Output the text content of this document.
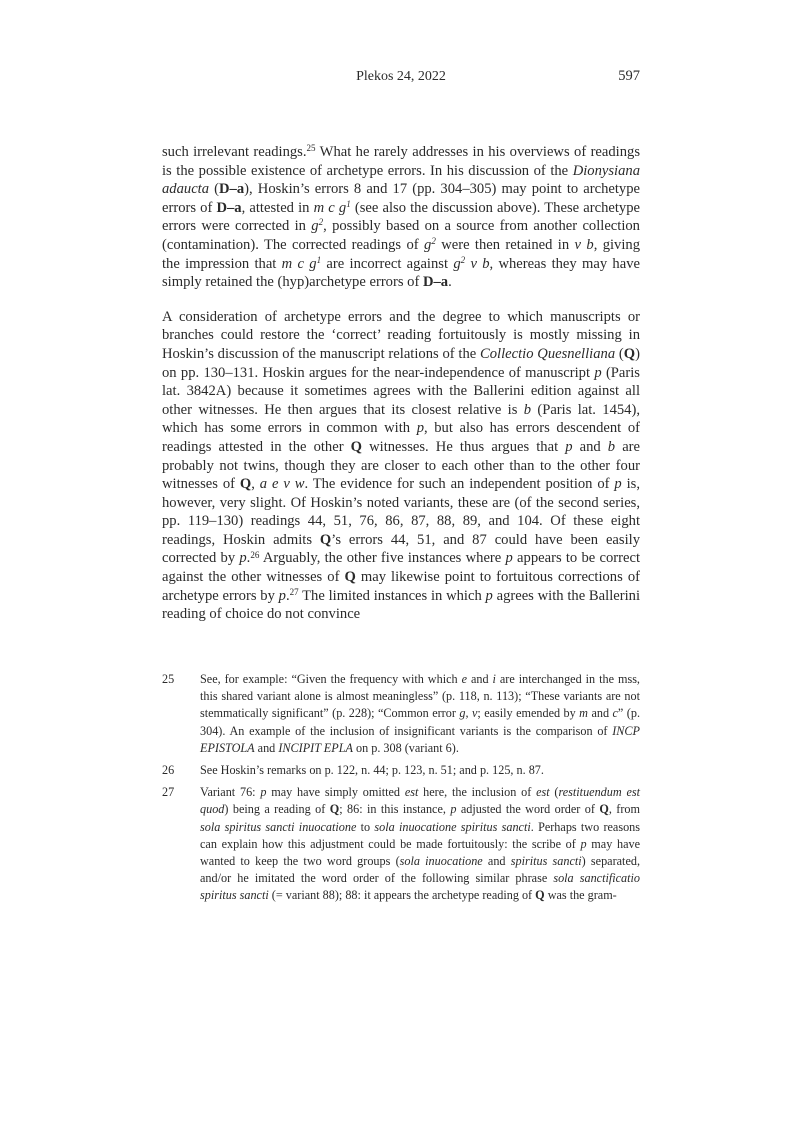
Plekos 24, 2022	597

such irrelevant readings.$^{25}$ What he rarely addresses in his overviews of readings is the possible existence of archetype errors. In his discussion of the Dionysiana adaucta (D–a), Hoskin’s errors 8 and 17 (pp. 304–305) may point to archetype errors of D–a, attested in m c $g^1$ (see also the discussion above). These archetype errors were corrected in $g^2$, possibly based on a source from another collection (contamination). The corrected readings of $g^2$ were then retained in v b, giving the impression that m c $g^1$ are incorrect against $g^2$ v b, whereas they may have simply retained the (hyp)archetype errors of D–a.

A consideration of archetype errors and the degree to which manuscripts or branches could restore the ‘correct’ reading fortuitously is mostly missing in Hoskin’s discussion of the manuscript relations of the Collectio Quesnelliana (Q) on pp. 130–131. Hoskin argues for the near-independence of manuscript p (Paris lat. 3842A) because it sometimes agrees with the Ballerini edition against all other witnesses. He then argues that its closest relative is b (Paris lat. 1454), which has some errors in common with p, but also has errors descendent of readings attested in the other Q witnesses. He thus argues that p and b are probably not twins, though they are closer to each other than to the other four witnesses of Q, a e v w. The evidence for such an independent position of p is, however, very slight. Of Hoskin’s noted variants, these are (of the second series, pp. 119–130) readings 44, 51, 76, 86, 87, 88, 89, and 104. Of these eight readings, Hoskin admits Q’s errors 44, 51, and 87 could have been easily corrected by p.$^{26}$ Arguably, the other five instances where p appears to be correct against the other witnesses of Q may likewise point to fortuitous corrections of archetype errors by p.$^{27}$ The limited instances in which p agrees with the Ballerini reading of choice do not convince

25	See, for example: “Given the frequency with which e and i are interchanged in the mss, this shared variant alone is almost meaningless” (p. 118, n. 113); “These variants are not stemmatically significant” (p. 228); “Common error g, v; easily emended by m and c” (p. 304). An example of the inclusion of insignificant variants is the comparison of INCP EPISTOLA and INCIPIT EPLA on p. 308 (variant 6).

26	See Hoskin’s remarks on p. 122, n. 44; p. 123, n. 51; and p. 125, n. 87.

27	Variant 76: p may have simply omitted est here, the inclusion of est (restituendum est quod) being a reading of Q; 86: in this instance, p adjusted the word order of Q, from sola spiritus sancti inuocatione to sola inuocatione spiritus sancti. Perhaps two reasons can explain how this adjustment could be made fortuitously: the scribe of p may have wanted to keep the two word groups (sola inuocatione and spiritus sancti) separated, and/or he imitated the word order of the following similar phrase sola sanctificatio spiritus sancti (= variant 88); 88: it appears the archetype reading of Q was the gram-
